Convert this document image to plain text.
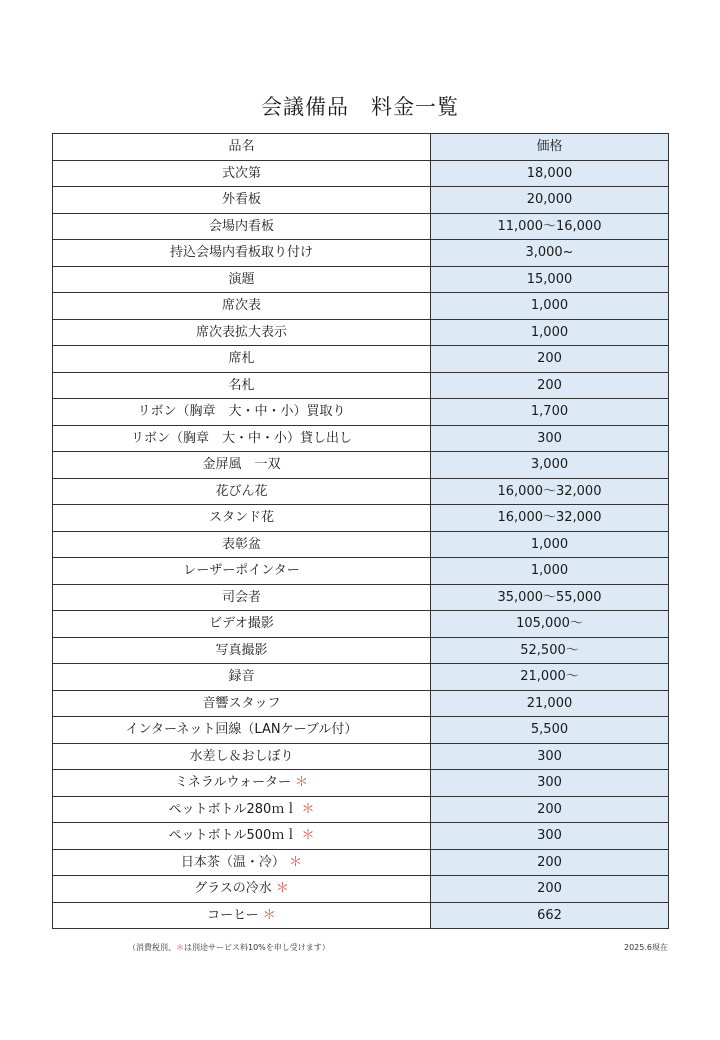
会議備品 料金一覧
品名	価格
式次第	18,000
外看板	20,000
会場内看板	11,000～16,000
持込会場内看板取り付け	3,000~
演題	15,000
席次表	1,000
席次表拡大表示	1,000
席札	200
名札	200
リボン（胸章　大・中・小）買取り	1,700
リボン（胸章　大・中・小）貸し出し	300
金屏風　一双	3,000
花びん花	16,000～32,000
スタンド花	16,000～32,000
表彰盆	1,000
レーザーポインター	1,000
司会者	35,000～55,000
ビデオ撮影	105,000～
写真撮影	52,500～
録音	21,000～
音響スタッフ	21,000
インターネット回線（LANケーブル付）	5,500
水差し＆おしぼり	300
ミネラルウォーター ＊	300
ペットボトル280ｍｌ ＊	200
ペットボトル500ｍｌ ＊	300
日本茶（温・冷） ＊	200
グラスの冷水 ＊	200
コーヒー ＊	662
（消費税別、＊は別途サービス料10%を申し受けます）	2025.6現在
